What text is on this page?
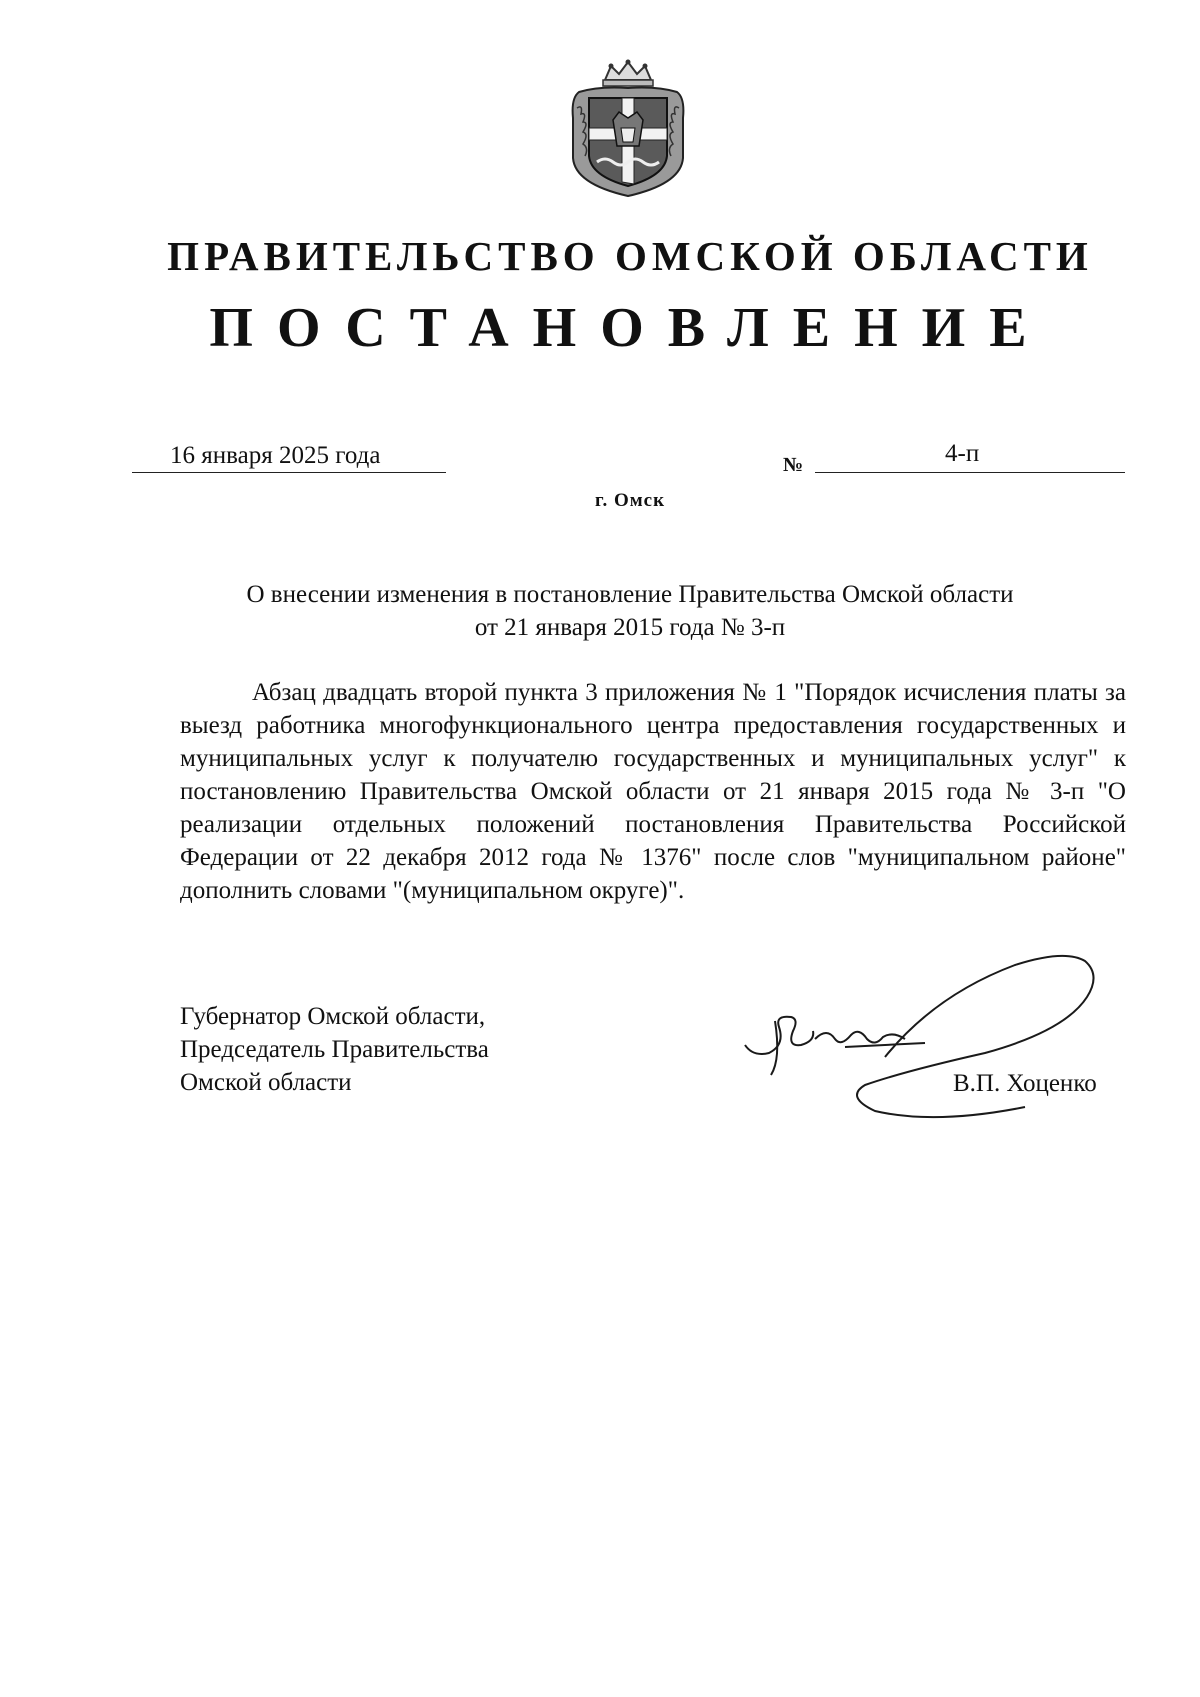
ПРАВИТЕЛЬСТВО ОМСКОЙ ОБЛАСТИ
ПОСТАНОВЛЕНИЕ
16 января 2025 года	№	4-п
г. Омск
О внесении изменения в постановление Правительства Омской области
от 21 января 2015 года № 3-п

Абзац двадцать второй пункта 3 приложения № 1 "Порядок исчисления платы за выезд работника многофункционального центра предоставления государственных и муниципальных услуг к получателю государственных и муниципальных услуг" к постановлению Правительства Омской области от 21 января 2015 года № 3-п "О реализации отдельных положений постановления Правительства Российской Федерации от 22 декабря 2012 года № 1376" после слов "муниципальном районе" дополнить словами "(муниципальном округе)".

Губернатор Омской области,
Председатель Правительства
Омской области	В.П. Хоценко
